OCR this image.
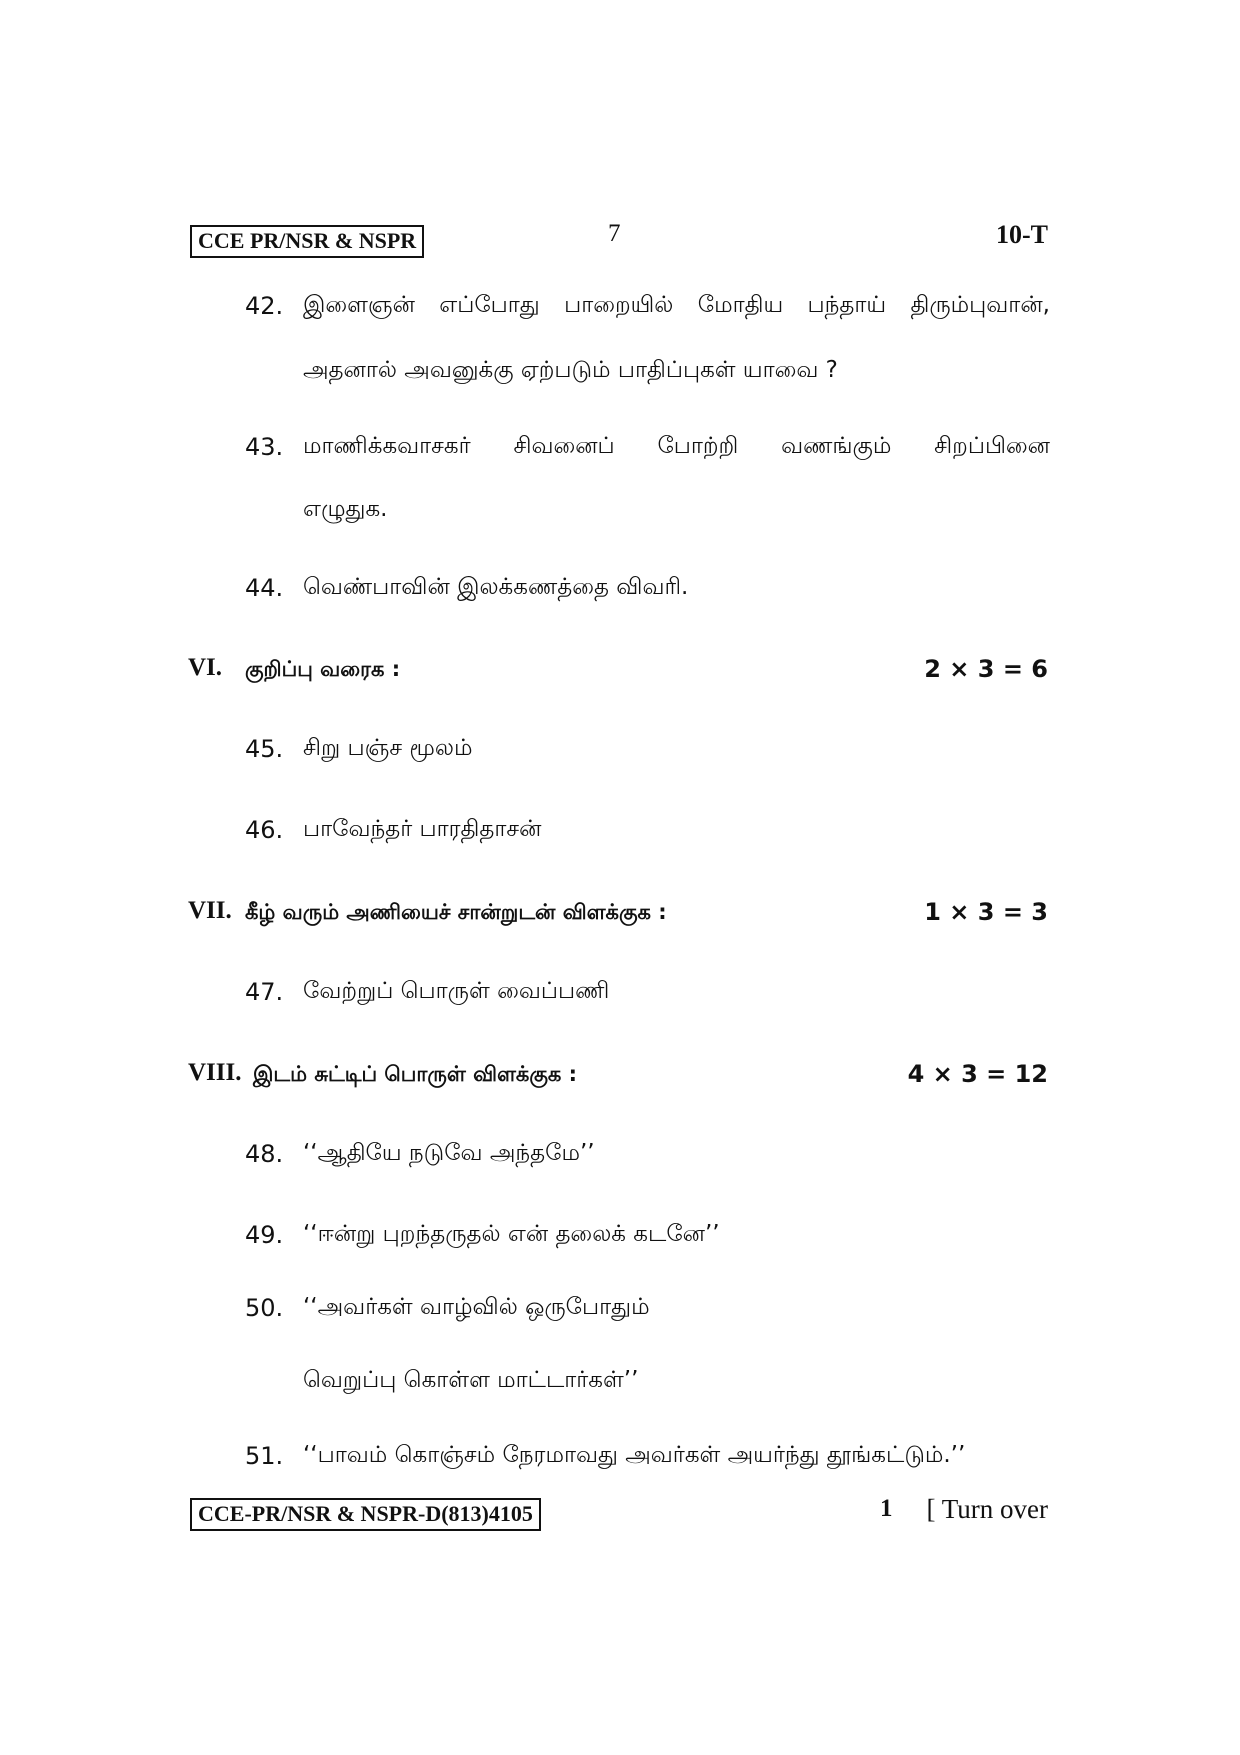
CCE PR/NSR & NSPR	7	10-T
42. இளைஞன் எப்போது பாறையில் மோதிய பந்தாய் திரும்புவான்,
அதனால் அவனுக்கு ஏற்படும் பாதிப்புகள் யாவை ?
43. மாணிக்கவாசகர் சிவனைப் போற்றி வணங்கும் சிறப்பினை
எழுதுக.
44. வெண்பாவின் இலக்கணத்தை விவரி.
VI. குறிப்பு வரைக :	2 × 3 = 6
45. சிறு பஞ்ச மூலம்
46. பாவேந்தர் பாரதிதாசன்
VII. கீழ் வரும் அணியைச் சான்றுடன் விளக்குக :	1 × 3 = 3
47. வேற்றுப் பொருள் வைப்பணி
VIII. இடம் சுட்டிப் பொருள் விளக்குக :	4 × 3 = 12
48. ‘‘ஆதியே நடுவே அந்தமே’’
49. ‘‘ஈன்று புறந்தருதல் என் தலைக் கடனே’’
50. ‘‘அவர்கள் வாழ்வில் ஒருபோதும்
வெறுப்பு கொள்ள மாட்டார்கள்’’
51. ‘‘பாவம் கொஞ்சம் நேரமாவது அவர்கள் அயர்ந்து தூங்கட்டும்.’’
CCE-PR/NSR & NSPR-D(813)4105	1 [ Turn over
